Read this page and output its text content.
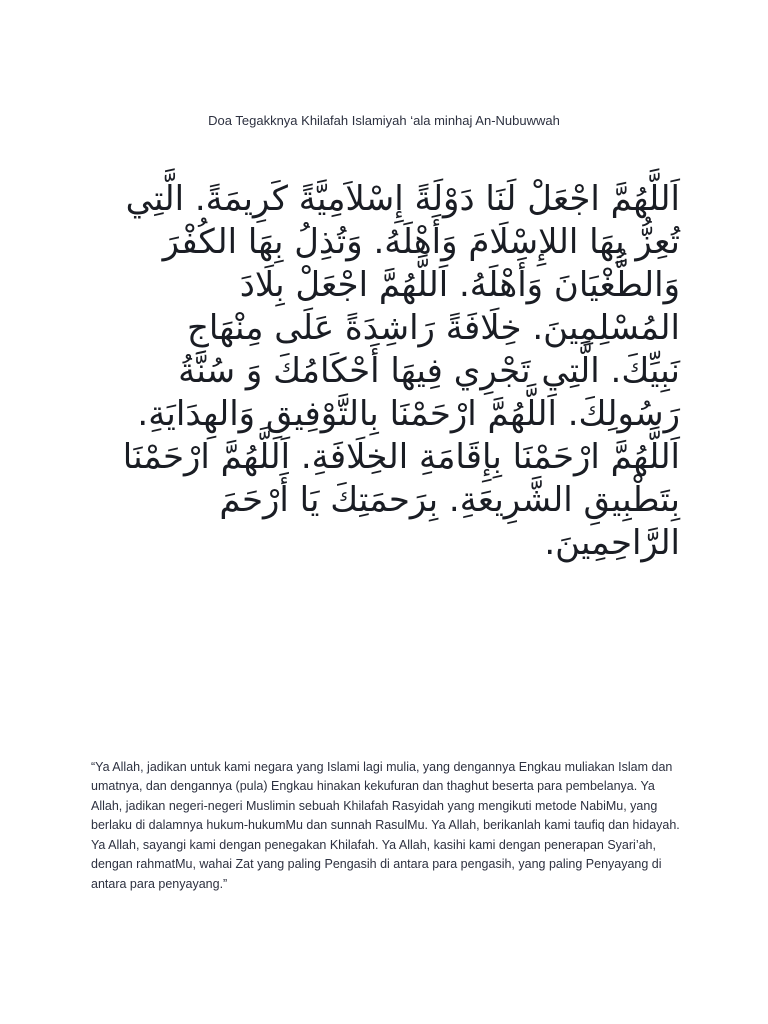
Doa Tegakknya Khilafah Islamiyah ‘ala minhaj An-Nubuwwah
اَللَّهُمَّ اجْعَلْ لَنَا دَوْلَةً إِسْلاَمِيَّةً كَرِيمَةً. الَّتِي
تُعِزُّ بِهَا اللإِسْلَامَ وَأَهْلَهُ. وَتُذِلُ بِهَا الكُفْرَ
وَالطُّغْيَانَ وَأَهْلَهُ. اَللَّهُمَّ اجْعَلْ بِلَادَ
المُسْلِمِينَ. خِلَافَةً رَاشِدَةً عَلَى مِنْهَاجِ
نَبِيِّكَ. الَّتِي تَجْرِي فِيهَا أَحْكَامُكَ وَ سُنَّةُ
رَسُولِكَ. اَللَّهُمَّ ارْحَمْنَا بِالتَّوْفِيقِ وَالهِدَايَةِ.
اَللَّهُمَّ ارْحَمْنَا بِإِقَامَةِ الخِلَافَةِ. اَللَّهُمَّ ارْحَمْنَا
بِتَطْبِيقِ الشَّرِيعَةِ. بِرَحمَتِكَ يَا أَرْحَمَ
الرَّاحِمِينَ.

“Ya Allah, jadikan untuk kami negara yang Islami lagi mulia, yang dengannya Engkau muliakan Islam dan umatnya, dan dengannya (pula) Engkau hinakan kekufuran dan thaghut beserta para pembelanya. Ya Allah, jadikan negeri-negeri Muslimin sebuah Khilafah Rasyidah yang mengikuti metode NabiMu, yang berlaku di dalamnya hukum-hukumMu dan sunnah RasulMu. Ya Allah, berikanlah kami taufiq dan hidayah. Ya Allah, sayangi kami dengan penegakan Khilafah. Ya Allah, kasihi kami dengan penerapan Syari’ah, dengan rahmatMu, wahai Zat yang paling Pengasih di antara para pengasih, yang paling Penyayang di antara para penyayang.”
